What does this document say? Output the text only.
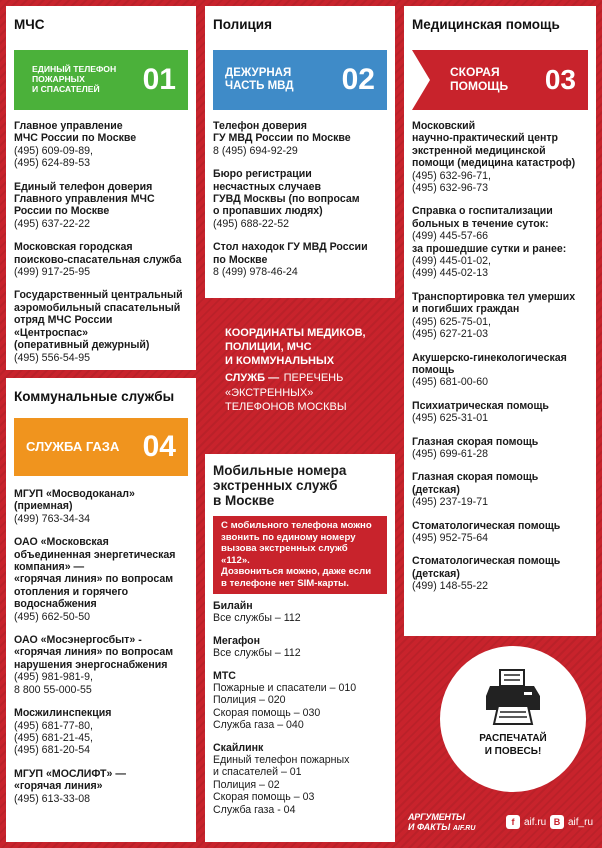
МЧС
ЕДИНЫЙ ТЕЛЕФОН
ПОЖАРНЫХ
И СПАСАТЕЛЕЙ	01
Главное управление
МЧС России по Москве
(495) 609-09-89,
(495) 624-89-53
Единый телефон доверия
Главного управления МЧС
России по Москве
(495) 637-22-22
Московская городская
поисково-спасательная служба
(499) 917-25-95
Государственный центральный
аэромобильный спасательный
отряд МЧС России «Центроспас»
(оперативный дежурный)
(495) 556-54-95
Полиция
ДЕЖУРНАЯ
ЧАСТЬ МВД	02
Телефон доверия
ГУ МВД России по Москве
8 (495) 694-92-29
Бюро регистрации
несчастных случаев
ГУВД Москвы (по вопросам
о пропавших людях)
(495) 688-22-52
Стол находок ГУ МВД России
по Москве
8 (499) 978-46-24
КООРДИНАТЫ МЕДИКОВ,
ПОЛИЦИИ, МЧС
И КОММУНАЛЬНЫХ
СЛУЖБ — ПЕРЕЧЕНЬ
«ЭКСТРЕННЫХ»
ТЕЛЕФОНОВ МОСКВЫ
Мобильные номера
экстренных служб
в Москве
С мобильного телефона можно
звонить по единому номеру
вызова экстренных служб «112».
Дозвониться можно, даже если
в телефоне нет SIM-карты.
Билайн
Все службы – 112
Мегафон
Все службы – 112
МТС
Пожарные и спасатели – 010
Полиция – 020
Скорая помощь – 030
Служба газа – 040
Скайлинк
Единый телефон пожарных
и спасателей – 01
Полиция – 02
Скорая помощь – 03
Служба газа - 04
Коммунальные службы
СЛУЖБА ГАЗА 04
МГУП «Мосводоканал»
(приемная)
(499) 763-34-34
ОАО «Московская
объединенная энергетическая
компания» —
«горячая линия» по вопросам
отопления и горячего
водоснабжения
(495) 662-50-50
ОАО «Мосэнергосбыт» -
«горячая линия» по вопросам
нарушения энергоснабжения
(495) 981-981-9,
8 800 55-000-55
Мосжилинспекция
(495) 681-77-80,
(495) 681-21-45,
(495) 681-20-54
МГУП «МОСЛИФТ» —
«горячая линия»
(495) 613-33-08
Медицинская помощь
СКОРАЯ
ПОМОЩЬ	03
Московский
научно-практический центр
экстренной медицинской
помощи (медицина катастроф)
(495) 632-96-71,
(495) 632-96-73
Справка о госпитализации
больных в течение суток:
(499) 445-57-66
за прошедшие сутки и ранее:
(499) 445-01-02,
(499) 445-02-13
Транспортировка тел умерших
и погибших граждан
(495) 625-75-01,
(495) 627-21-03
Акушерско-гинекологическая
помощь
(495) 681-00-60
Психиатрическая помощь
(495) 625-31-01
Глазная скорая помощь
(495) 699-61-28
Глазная скорая помощь
(детская)
(495) 237-19-71
Стоматологическая помощь
(495) 952-75-64
Стоматологическая помощь
(детская)
(499) 148-55-22
РАСПЕЧАТАЙ
И ПОВЕСЬ!
АРГУМЕНТЫ
И ФАКТЫ AIF.RU
f aif.ru В aif_ru
